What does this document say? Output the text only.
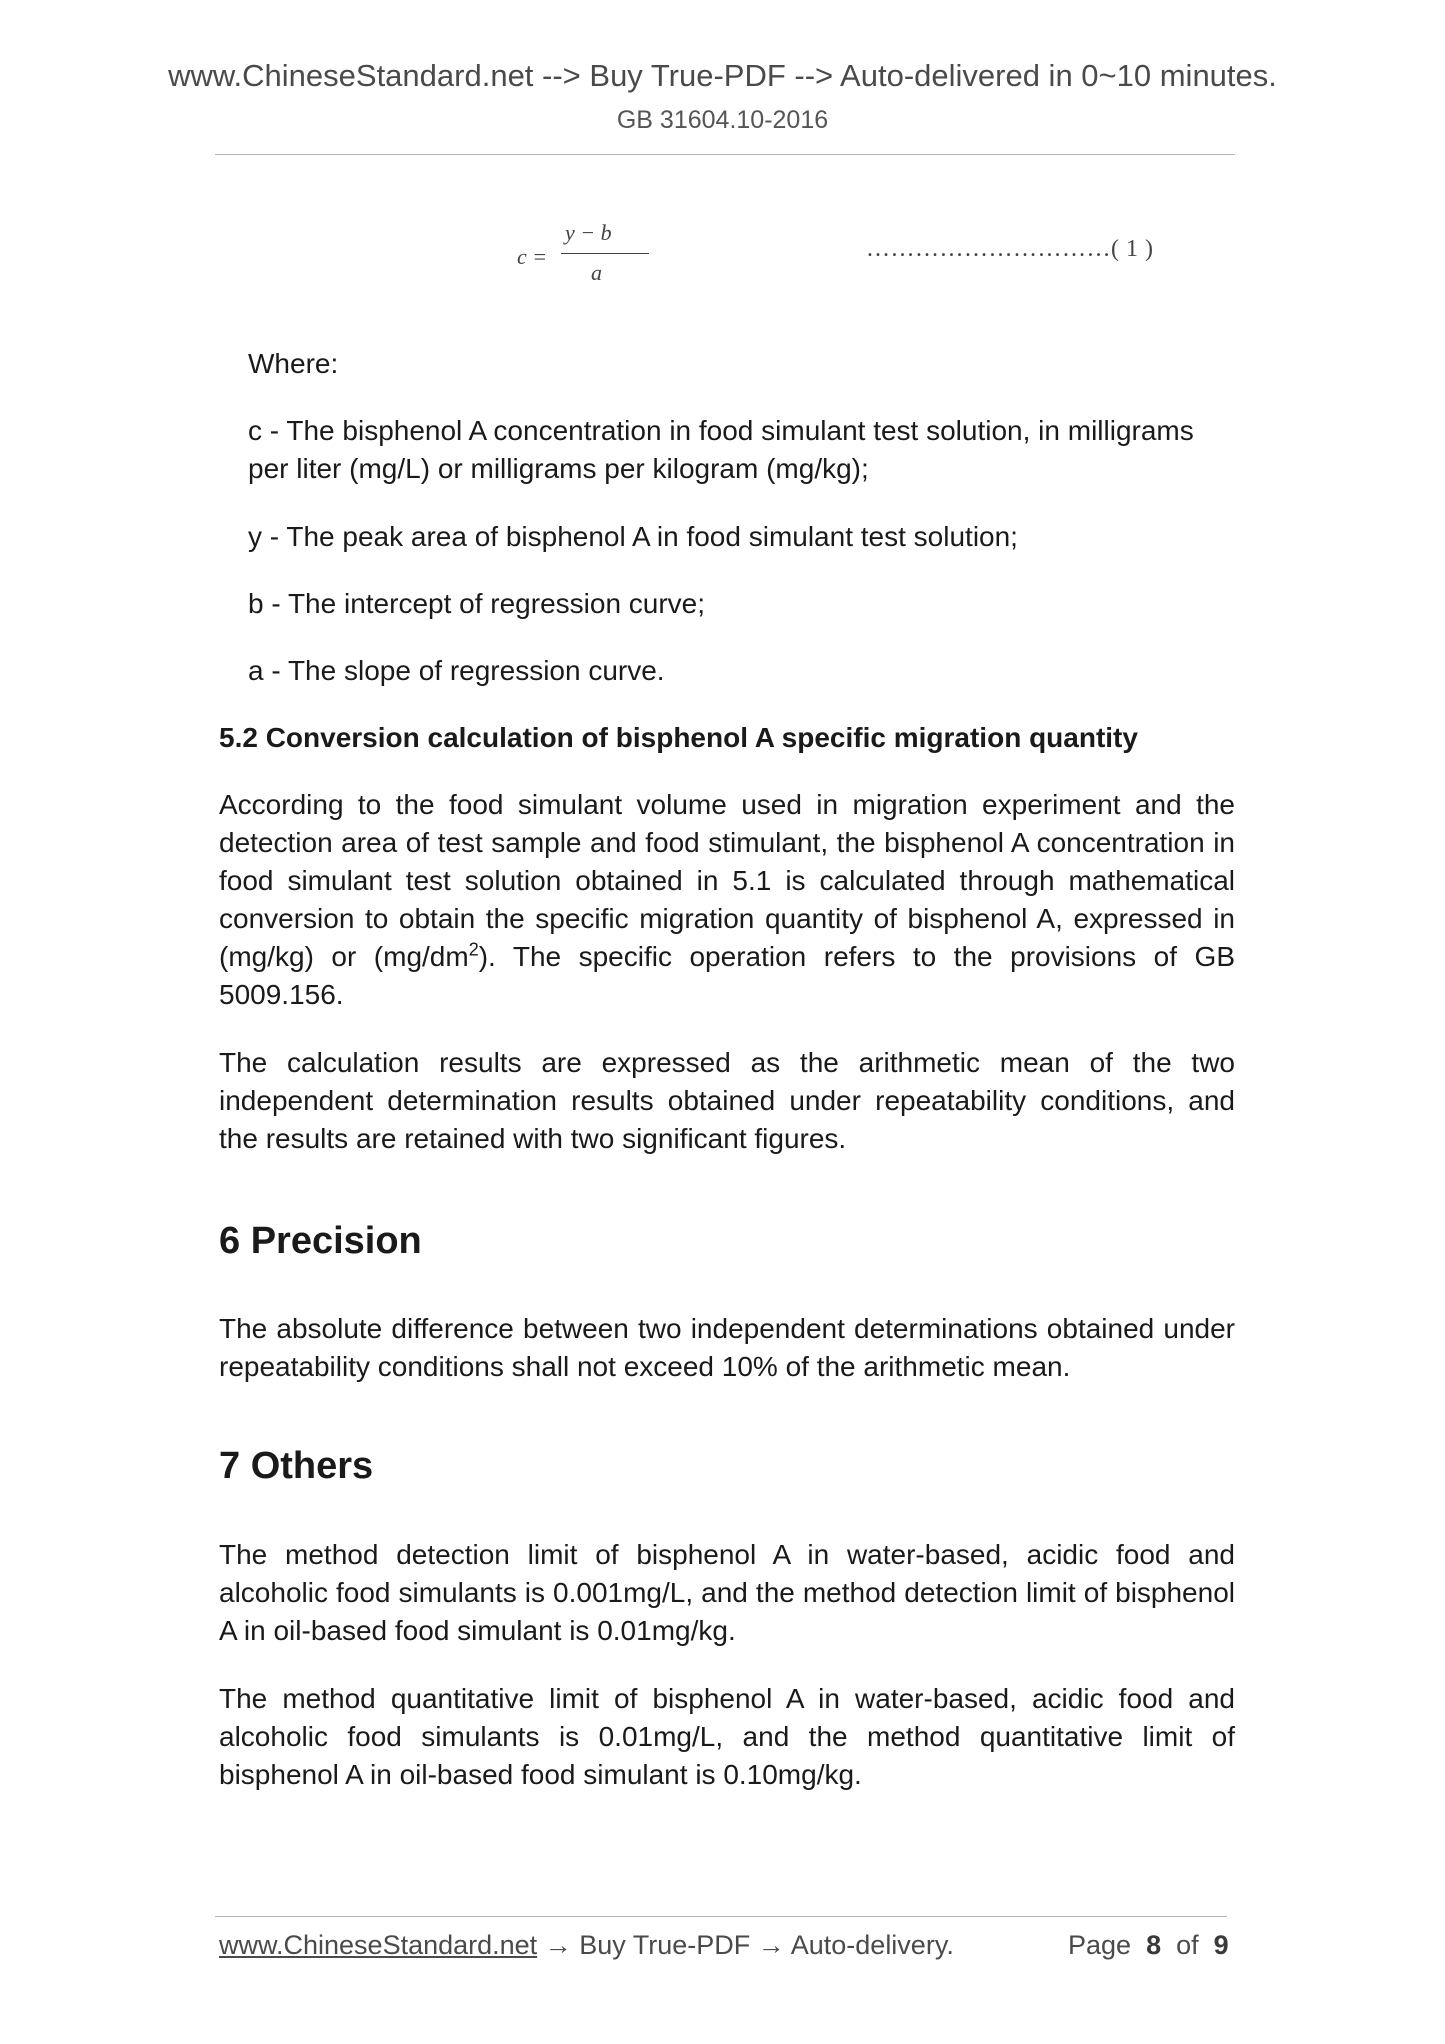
www.ChineseStandard.net --> Buy True-PDF --> Auto-delivered in 0~10 minutes.
GB 31604.10-2016
c =
y − b
a
…………………………( 1 )

Where:

c - The bisphenol A concentration in food simulant test solution, in milligrams per liter (mg/L) or milligrams per kilogram (mg/kg);

y - The peak area of bisphenol A in food simulant test solution;

b - The intercept of regression curve;

a - The slope of regression curve.

5.2 Conversion calculation of bisphenol A specific migration quantity

According to the food simulant volume used in migration experiment and the detection area of test sample and food stimulant, the bisphenol A concentration in food simulant test solution obtained in 5.1 is calculated through mathematical conversion to obtain the specific migration quantity of bisphenol A, expressed in (mg/kg) or $(mg/dm^2)$. The specific operation refers to the provisions of GB 5009.156.

The calculation results are expressed as the arithmetic mean of the two independent determination results obtained under repeatability conditions, and the results are retained with two significant figures.

6 Precision

The absolute difference between two independent determinations obtained under repeatability conditions shall not exceed 10% of the arithmetic mean.

7 Others

The method detection limit of bisphenol A in water-based, acidic food and alcoholic food simulants is 0.001mg/L, and the method detection limit of bisphenol A in oil-based food simulant is 0.01mg/kg.

The method quantitative limit of bisphenol A in water-based, acidic food and alcoholic food simulants is 0.01mg/L, and the method quantitative limit of bisphenol A in oil-based food simulant is 0.10mg/kg.

www.ChineseStandard.net → Buy True-PDF → Auto-delivery.	Page 8 of 9
